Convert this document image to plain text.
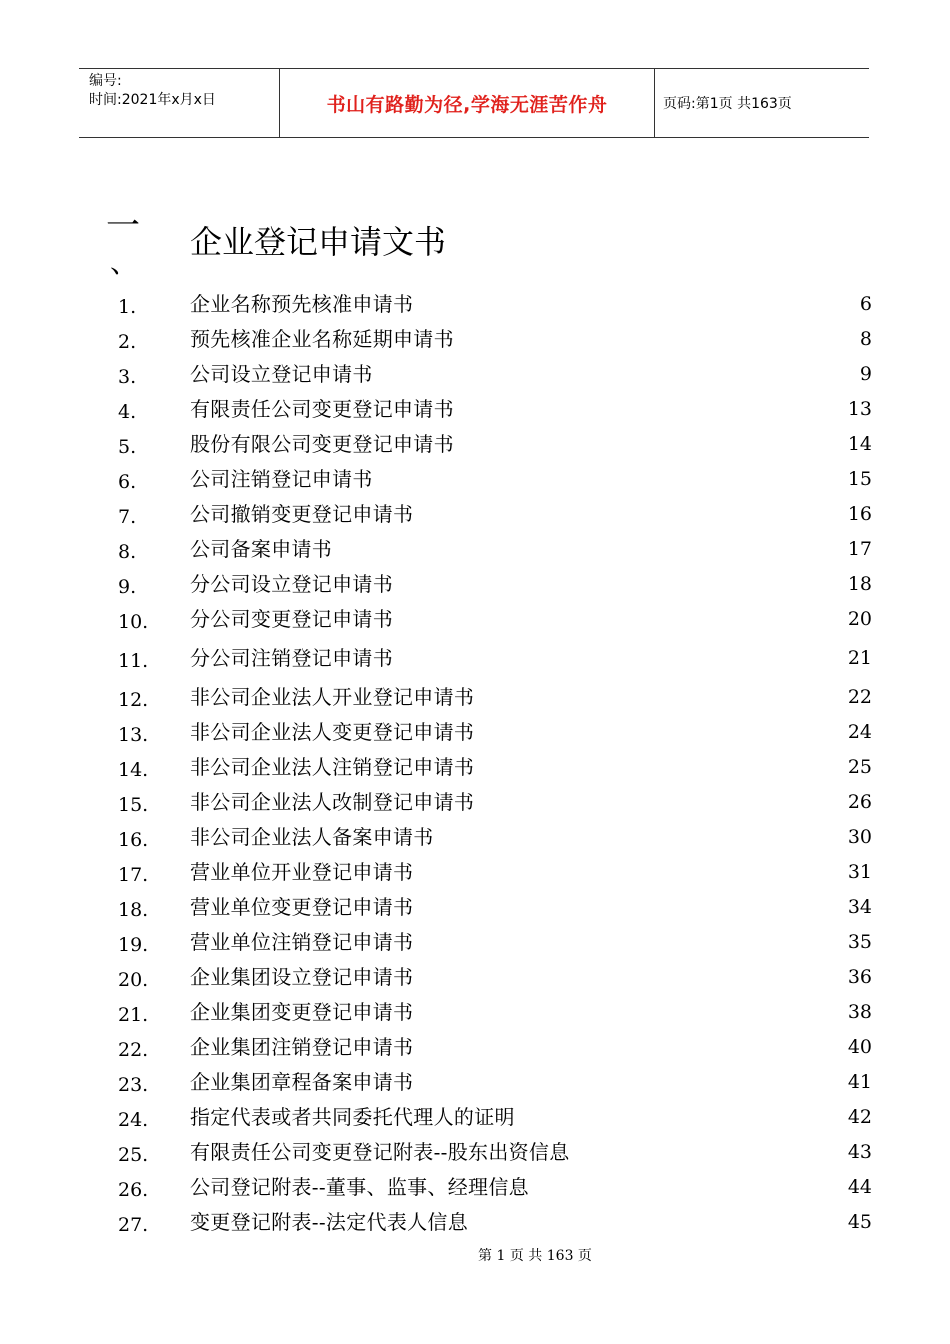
编号:
时间:2021年x月x日	书山有路勤为径,学海无涯苦作舟	页码:第1页 共163页
一
、
企业登记申请文书
1.	企业名称预先核准申请书	6
2.	预先核准企业名称延期申请书	8
3.	公司设立登记申请书	9
4.	有限责任公司变更登记申请书	13
5.	股份有限公司变更登记申请书	14
6.	公司注销登记申请书	15
7.	公司撤销变更登记申请书	16
8.	公司备案申请书	17
9.	分公司设立登记申请书	18
10. 分公司变更登记申请书	20
11. 分公司注销登记申请书	21
12. 非公司企业法人开业登记申请书	22
13. 非公司企业法人变更登记申请书	24
14. 非公司企业法人注销登记申请书	25
15. 非公司企业法人改制登记申请书	26
16. 非公司企业法人备案申请书	30
17. 营业单位开业登记申请书	31
18. 营业单位变更登记申请书	34
19. 营业单位注销登记申请书	35
20. 企业集团设立登记申请书	36
21. 企业集团变更登记申请书	38
22. 企业集团注销登记申请书	40
23. 企业集团章程备案申请书	41
24. 指定代表或者共同委托代理人的证明	42
25. 有限责任公司变更登记附表--股东出资信息	43
26. 公司登记附表--董事、监事、经理信息	44
27. 变更登记附表--法定代表人信息	45
第 1 页 共 163 页
